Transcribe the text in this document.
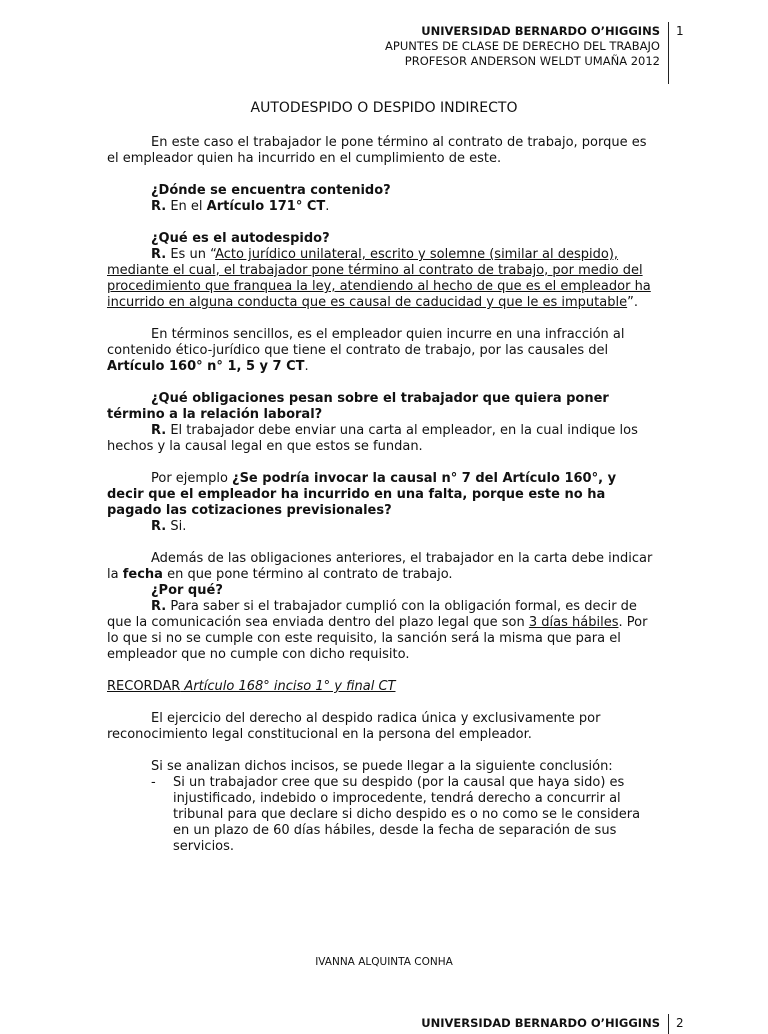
UNIVERSIDAD BERNARDO O’HIGGINS
APUNTES DE CLASE DE DERECHO DEL TRABAJO
PROFESOR ANDERSON WELDT UMAÑA 2012
1
AUTODESPIDO O DESPIDO INDIRECTO

En este caso el trabajador le pone término al contrato de trabajo, porque es el empleador quien ha incurrido en el cumplimiento de este.

¿Dónde se encuentra contenido?

R. En el Artículo 171° CT.

¿Qué es el autodespido?

R. Es un “Acto jurídico unilateral, escrito y solemne (similar al despido), mediante el cual, el trabajador pone término al contrato de trabajo, por medio del procedimiento que franquea la ley, atendiendo al hecho de que es el empleador ha incurrido en alguna conducta que es causal de caducidad y que le es imputable”.

En términos sencillos, es el empleador quien incurre en una infracción al contenido ético-jurídico que tiene el contrato de trabajo, por las causales del Artículo 160° n° 1, 5 y 7 CT.

¿Qué obligaciones pesan sobre el trabajador que quiera poner término a la relación laboral?

R. El trabajador debe enviar una carta al empleador, en la cual indique los hechos y la causal legal en que estos se fundan.

Por ejemplo ¿Se podría invocar la causal n° 7 del Artículo 160°, y decir que el empleador ha incurrido en una falta, porque este no ha pagado las cotizaciones previsionales?

R. Si.

Además de las obligaciones anteriores, el trabajador en la carta debe indicar la fecha en que pone término al contrato de trabajo.

¿Por qué?

R. Para saber si el trabajador cumplió con la obligación formal, es decir de que la comunicación sea enviada dentro del plazo legal que son 3 días hábiles. Por lo que si no se cumple con este requisito, la sanción será la misma que para el empleador que no cumple con dicho requisito.

RECORDAR Artículo 168° inciso 1° y final CT

El ejercicio del derecho al despido radica única y exclusivamente por reconocimiento legal constitucional en la persona del empleador.

Si se analizan dichos incisos, se puede llegar a la siguiente conclusión:

-	Si un trabajador cree que su despido (por la causal que haya sido) es injustificado, indebido o improcedente, tendrá derecho a concurrir al tribunal para que declare si dicho despido es o no como se le considera en un plazo de 60 días hábiles, desde la fecha de separación de sus servicios.
IVANNA ALQUINTA CONHA
UNIVERSIDAD BERNARDO O’HIGGINS 2
